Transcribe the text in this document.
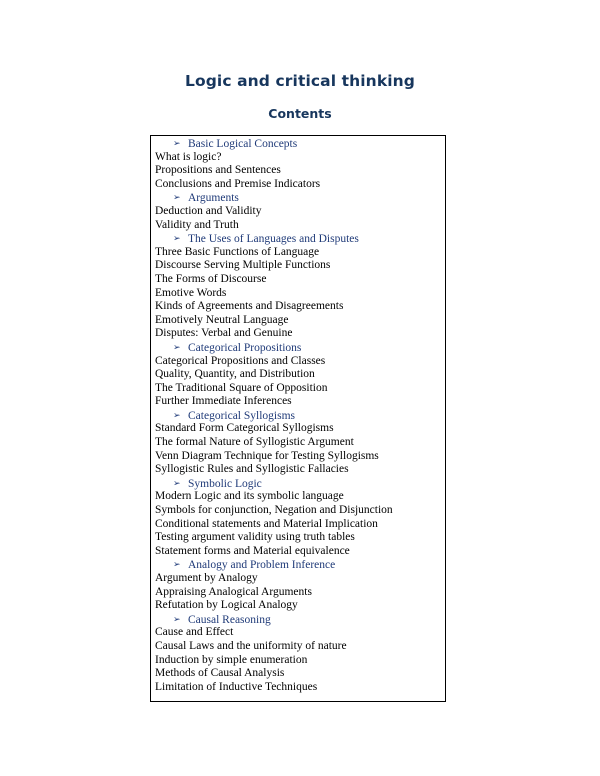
Logic and critical thinking
Contents
➢ Basic Logical Concepts
What is logic?
Propositions and Sentences
Conclusions and Premise Indicators
➢ Arguments
Deduction and Validity
Validity and Truth
➢ The Uses of Languages and Disputes
Three Basic Functions of Language
Discourse Serving Multiple Functions
The Forms of Discourse
Emotive Words
Kinds of Agreements and Disagreements
Emotively Neutral Language
Disputes: Verbal and Genuine
➢ Categorical Propositions
Categorical Propositions and Classes
Quality, Quantity, and Distribution
The Traditional Square of Opposition
Further Immediate Inferences
➢ Categorical Syllogisms
Standard Form Categorical Syllogisms
The formal Nature of Syllogistic Argument
Venn Diagram Technique for Testing Syllogisms
Syllogistic Rules and Syllogistic Fallacies
➢ Symbolic Logic
Modern Logic and its symbolic language
Symbols for conjunction, Negation and Disjunction
Conditional statements and Material Implication
Testing argument validity using truth tables
Statement forms and Material equivalence
➢ Analogy and Problem Inference
Argument by Analogy
Appraising Analogical Arguments
Refutation by Logical Analogy
➢ Causal Reasoning
Cause and Effect
Causal Laws and the uniformity of nature
Induction by simple enumeration
Methods of Causal Analysis
Limitation of Inductive Techniques
